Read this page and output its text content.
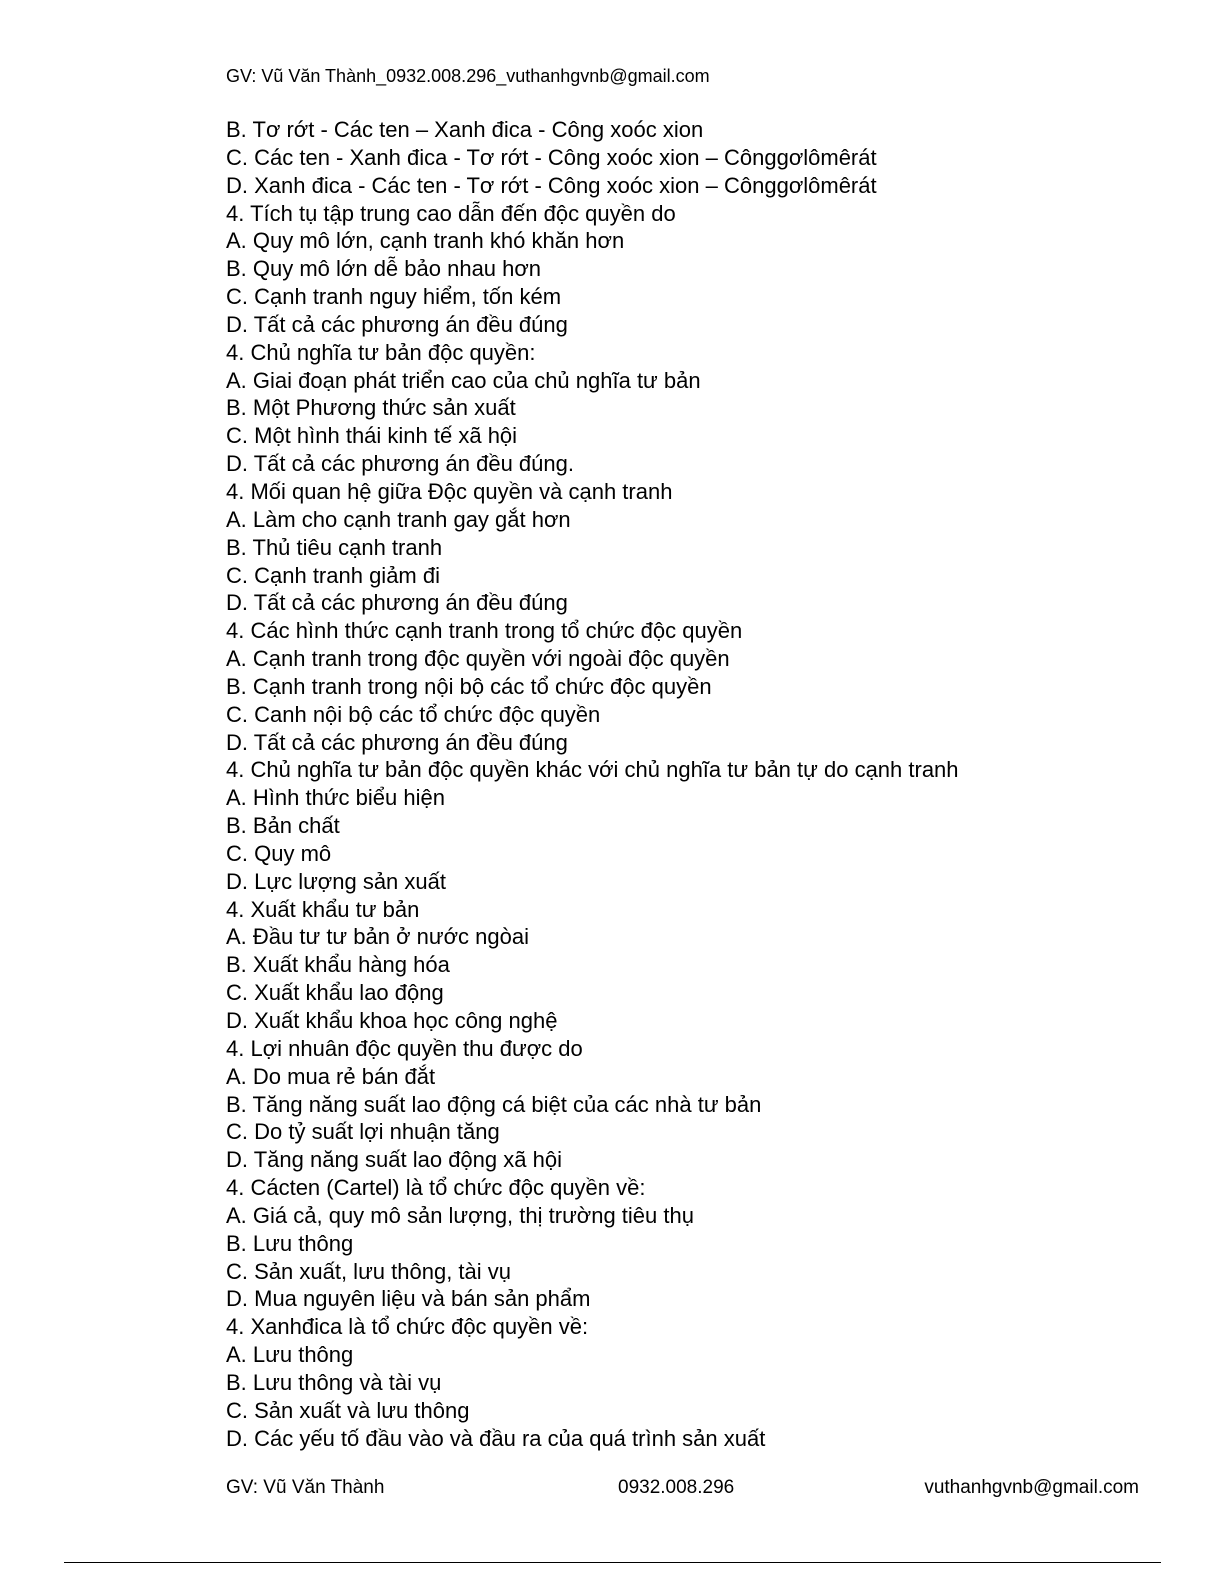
GV: Vũ Văn Thành_0932.008.296_vuthanhgvnb@gmail.com
B. Tơ rớt - Các ten – Xanh đica - Công xoóc xion
C. Các ten - Xanh đica - Tơ rớt - Công xoóc xion – Cônggơlômêrát
D. Xanh đica - Các ten - Tơ rớt - Công xoóc xion – Cônggơlômêrát
4. Tích tụ tập trung cao dẫn đến độc quyền do
A. Quy mô lớn, cạnh tranh khó khăn hơn
B. Quy mô lớn dễ bảo nhau hơn
C. Cạnh tranh nguy hiểm, tốn kém
D. Tất cả các phương án đều đúng
4. Chủ nghĩa tư bản độc quyền:
A. Giai đoạn phát triển cao của chủ nghĩa tư bản
B. Một Phương thức sản xuất
C. Một hình thái kinh tế xã hội
D. Tất cả các phương án đều đúng.
4. Mối quan hệ giữa Độc quyền và cạnh tranh
A. Làm cho cạnh tranh gay gắt hơn
B. Thủ tiêu cạnh tranh
C. Cạnh tranh giảm đi
D. Tất cả các phương án đều đúng
4. Các hình thức cạnh tranh trong tổ chức độc quyền
A. Cạnh tranh trong độc quyền với ngoài độc quyền
B. Cạnh tranh trong nội bộ các tổ chức độc quyền
C. Canh nội bộ các tổ chức độc quyền
D. Tất cả các phương án đều đúng
4. Chủ nghĩa tư bản độc quyền khác với chủ nghĩa tư bản tự do cạnh tranh
A. Hình thức biểu hiện
B. Bản chất
C. Quy mô
D. Lực lượng sản xuất
4. Xuất khẩu tư bản
A. Đầu tư tư bản ở nước ngòai
B. Xuất khẩu hàng hóa
C. Xuất khẩu lao động
D. Xuất khẩu khoa học công nghệ
4. Lợi nhuân độc quyền thu được do
A. Do mua rẻ bán đắt
B. Tăng năng suất lao động cá biệt của các nhà tư bản
C. Do tỷ suất lợi nhuận tăng
D. Tăng năng suất lao động xã hội
4. Cácten (Cartel) là tổ chức độc quyền về:
A. Giá cả, quy mô sản lượng, thị trường tiêu thụ
B. Lưu thông
C. Sản xuất, lưu thông, tài vụ
D. Mua nguyên liệu và bán sản phẩm
4. Xanhđica là tổ chức độc quyền về:
A. Lưu thông
B. Lưu thông và tài vụ
C. Sản xuất và lưu thông
D. Các yếu tố đầu vào và đầu ra của quá trình sản xuất
GV: Vũ Văn Thành	0932.008.296	vuthanhgvnb@gmail.com
